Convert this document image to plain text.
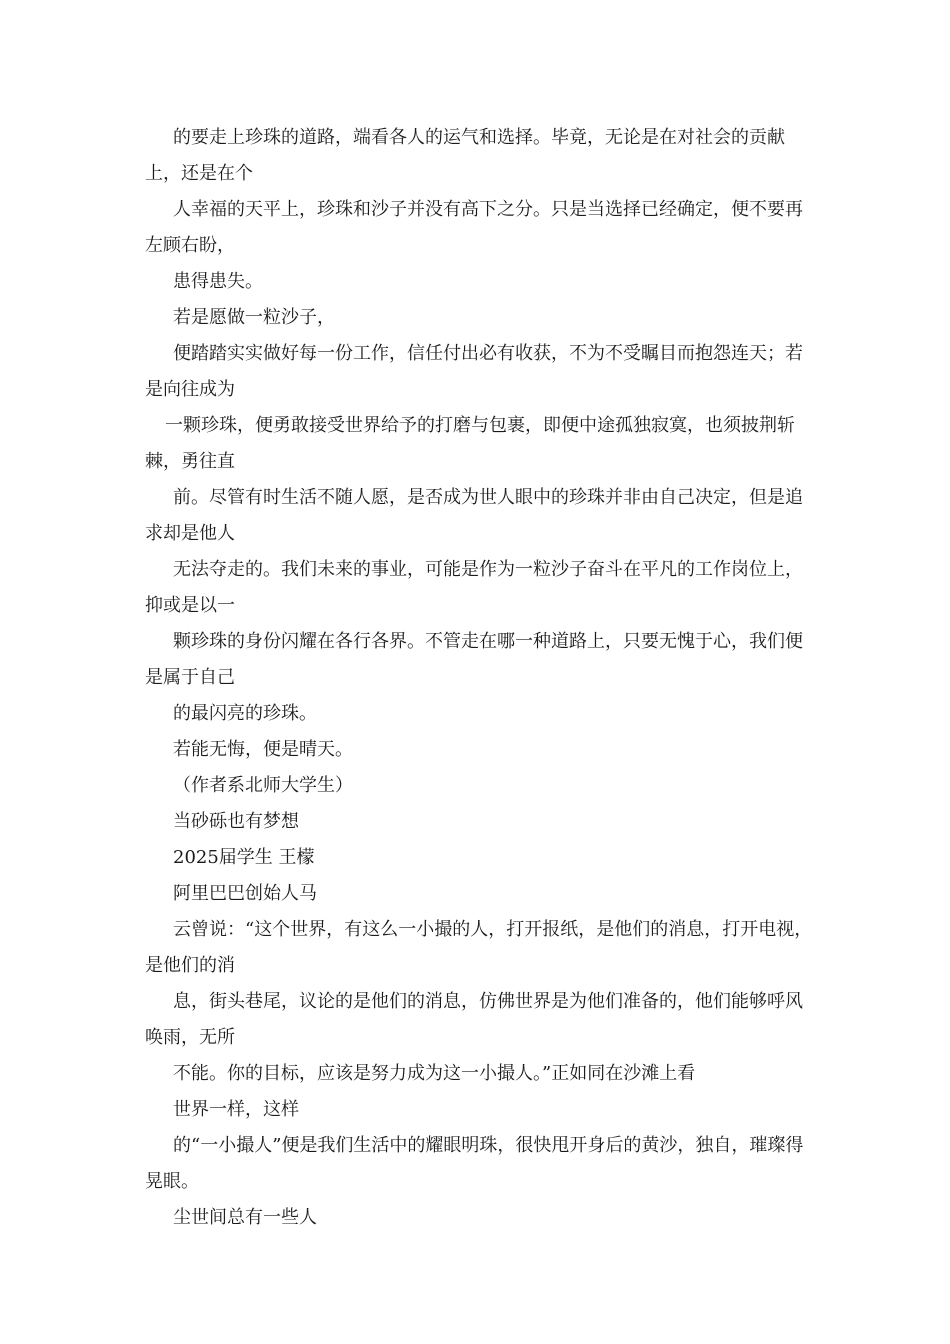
的要走上珍珠的道路，端看各人的运气和选择。毕竟，无论是在对社会的贡献上，还是在个

人幸福的天平上，珍珠和沙子并没有高下之分。只是当选择已经确定，便不要再左顾右盼，

患得患失。

若是愿做一粒沙子，

便踏踏实实做好每一份工作，信任付出必有收获，不为不受瞩目而抱怨连天；若是向往成为

一颗珍珠，便勇敢接受世界给予的打磨与包裹，即便中途孤独寂寞，也须披荆斩棘，勇往直

前。尽管有时生活不随人愿，是否成为世人眼中的珍珠并非由自己决定，但是追求却是他人

无法夺走的。我们未来的事业，可能是作为一粒沙子奋斗在平凡的工作岗位上，抑或是以一

颗珍珠的身份闪耀在各行各界。不管走在哪一种道路上，只要无愧于心，我们便是属于自己

的最闪亮的珍珠。

若能无悔，便是晴天。

（作者系北师大学生）

当砂砾也有梦想

2025届学生 王檬

阿里巴巴创始人马

云曾说：“这个世界，有这么一小撮的人，打开报纸，是他们的消息，打开电视，是他们的消

息，街头巷尾，议论的是他们的消息，仿佛世界是为他们准备的，他们能够呼风唤雨，无所

不能。你的目标，应该是努力成为这一小撮人。”正如同在沙滩上看

世界一样，这样

的“一小撮人”便是我们生活中的耀眼明珠，很快甩开身后的黄沙，独自，璀璨得晃眼。

尘世间总有一些人
